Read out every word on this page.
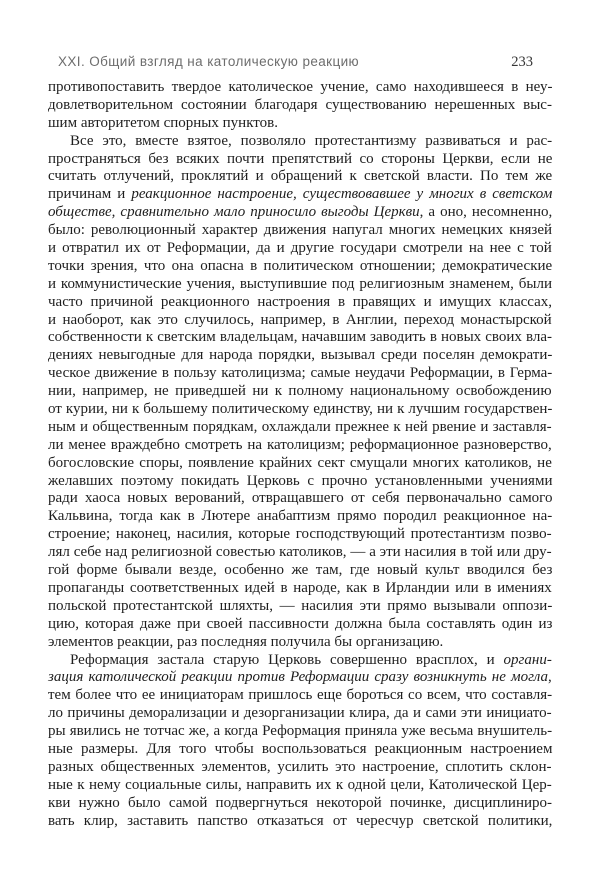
XXI. Общий взгляд на католическую реакцию	233
противопоставить твердое католическое учение, само находившееся в неу-
довлетворительном состоянии благодаря существованию нерешенных выс-
шим авторитетом спорных пунктов.
Все это, вместе взятое, позволяло протестантизму развиваться и рас-
пространяться без всяких почти препятствий со стороны Церкви, если не
считать отлучений, проклятий и обращений к светской власти. По тем же
причинам и реакционное настроение, существовавшее у многих в светском
обществе, сравнительно мало приносило выгоды Церкви, а оно, несомненно,
было: революционный характер движения напугал многих немецких князей
и отвратил их от Реформации, да и другие государи смотрели на нее с той
точки зрения, что она опасна в политическом отношении; демократические
и коммунистические учения, выступившие под религиозным знаменем, были
часто причиной реакционного настроения в правящих и имущих классах,
и наоборот, как это случилось, например, в Англии, переход монастырской
собственности к светским владельцам, начавшим заводить в новых своих вла-
дениях невыгодные для народа порядки, вызывал среди поселян демократи-
ческое движение в пользу католицизма; самые неудачи Реформации, в Герма-
нии, например, не приведшей ни к полному национальному освобождению
от курии, ни к большему политическому единству, ни к лучшим государствен-
ным и общественным порядкам, охлаждали прежнее к ней рвение и заставля-
ли менее враждебно смотреть на католицизм; реформационное разноверство,
богословские споры, появление крайних сект смущали многих католиков, не
желавших поэтому покидать Церковь с прочно установленными учениями
ради хаоса новых верований, отвращавшего от себя первоначально самого
Кальвина, тогда как в Лютере анабаптизм прямо породил реакционное на-
строение; наконец, насилия, которые господствующий протестантизм позво-
лял себе над религиозной совестью католиков, — а эти насилия в той или дру-
гой форме бывали везде, особенно же там, где новый культ вводился без
пропаганды соответственных идей в народе, как в Ирландии или в имениях
польской протестантской шляхты, — насилия эти прямо вызывали оппози-
цию, которая даже при своей пассивности должна была составлять один из
элементов реакции, раз последняя получила бы организацию.
Реформация застала старую Церковь совершенно врасплох, и органи-
зация католической реакции против Реформации сразу возникнуть не могла,
тем более что ее инициаторам пришлось еще бороться со всем, что составля-
ло причины деморализации и дезорганизации клира, да и сами эти инициато-
ры явились не тотчас же, а когда Реформация приняла уже весьма внушитель-
ные размеры. Для того чтобы воспользоваться реакционным настроением
разных общественных элементов, усилить это настроение, сплотить склон-
ные к нему социальные силы, направить их к одной цели, Католической Цер-
кви нужно было самой подвергнуться некоторой починке, дисциплиниро-
вать клир, заставить папство отказаться от чересчур светской политики,
